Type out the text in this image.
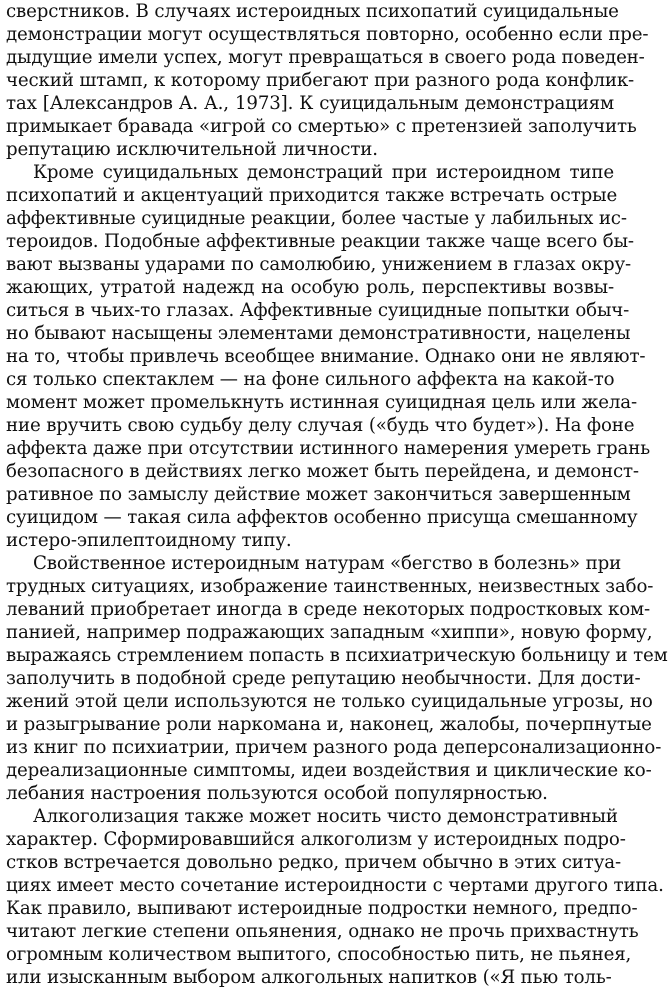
сверстников. В случаях истероидных психопатий суицидальные
демонстрации могут осуществляться повторно, особенно если пре-
дыдущие имели успех, могут превращаться в своего рода поведен-
ческий штамп, к которому прибегают при разного рода конфлик-
тах [Александров А. А., 1973]. К суицидальным демонстрациям
примыкает бравада «игрой со смертью» с претензией заполучить
репутацию исключительной личности.
Кроме суицидальных демонстраций при истероидном типе
психопатий и акцентуаций приходится также встречать острые
аффективные суицидные реакции, более частые у лабильных ис-
тероидов. Подобные аффективные реакции также чаще всего бы-
вают вызваны ударами по самолюбию, унижением в глазах окру-
жающих, утратой надежд на особую роль, перспективы возвы-
ситься в чьих-то глазах. Аффективные суицидные попытки обыч-
но бывают насыщены элементами демонстративности, нацелены
на то, чтобы привлечь всеобщее внимание. Однако они не являют-
ся только спектаклем — на фоне сильного аффекта на какой-то
момент может промелькнуть истинная суицидная цель или жела-
ние вручить свою судьбу делу случая («будь что будет»). На фоне
аффекта даже при отсутствии истинного намерения умереть грань
безопасного в действиях легко может быть перейдена, и демонст-
ративное по замыслу действие может закончиться завершенным
суицидом — такая сила аффектов особенно присуща смешанному
истеро-эпилептоидному типу.
Свойственное истероидным натурам «бегство в болезнь» при
трудных ситуациях, изображение таинственных, неизвестных забо-
леваний приобретает иногда в среде некоторых подростковых ком-
панией, например подражающих западным «хиппи», новую форму,
выражаясь стремлением попасть в психиатрическую больницу и тем
заполучить в подобной среде репутацию необычности. Для дости-
жений этой цели используются не только суицидальные угрозы, но
и разыгрывание роли наркомана и, наконец, жалобы, почерпнутые
из книг по психиатрии, причем разного рода деперсонализационно-
дереализационные симптомы, идеи воздействия и циклические ко-
лебания настроения пользуются особой популярностью.
Алкоголизация также может носить чисто демонстративный
характер. Сформировавшийся алкоголизм у истероидных подро-
стков встречается довольно редко, причем обычно в этих ситуа-
циях имеет место сочетание истероидности с чертами другого типа.
Как правило, выпивают истероидные подростки немного, предпо-
читают легкие степени опьянения, однако не прочь прихвастнуть
огромным количеством выпитого, способностью пить, не пьянея,
или изысканным выбором алкогольных напитков («Я пью толь-
